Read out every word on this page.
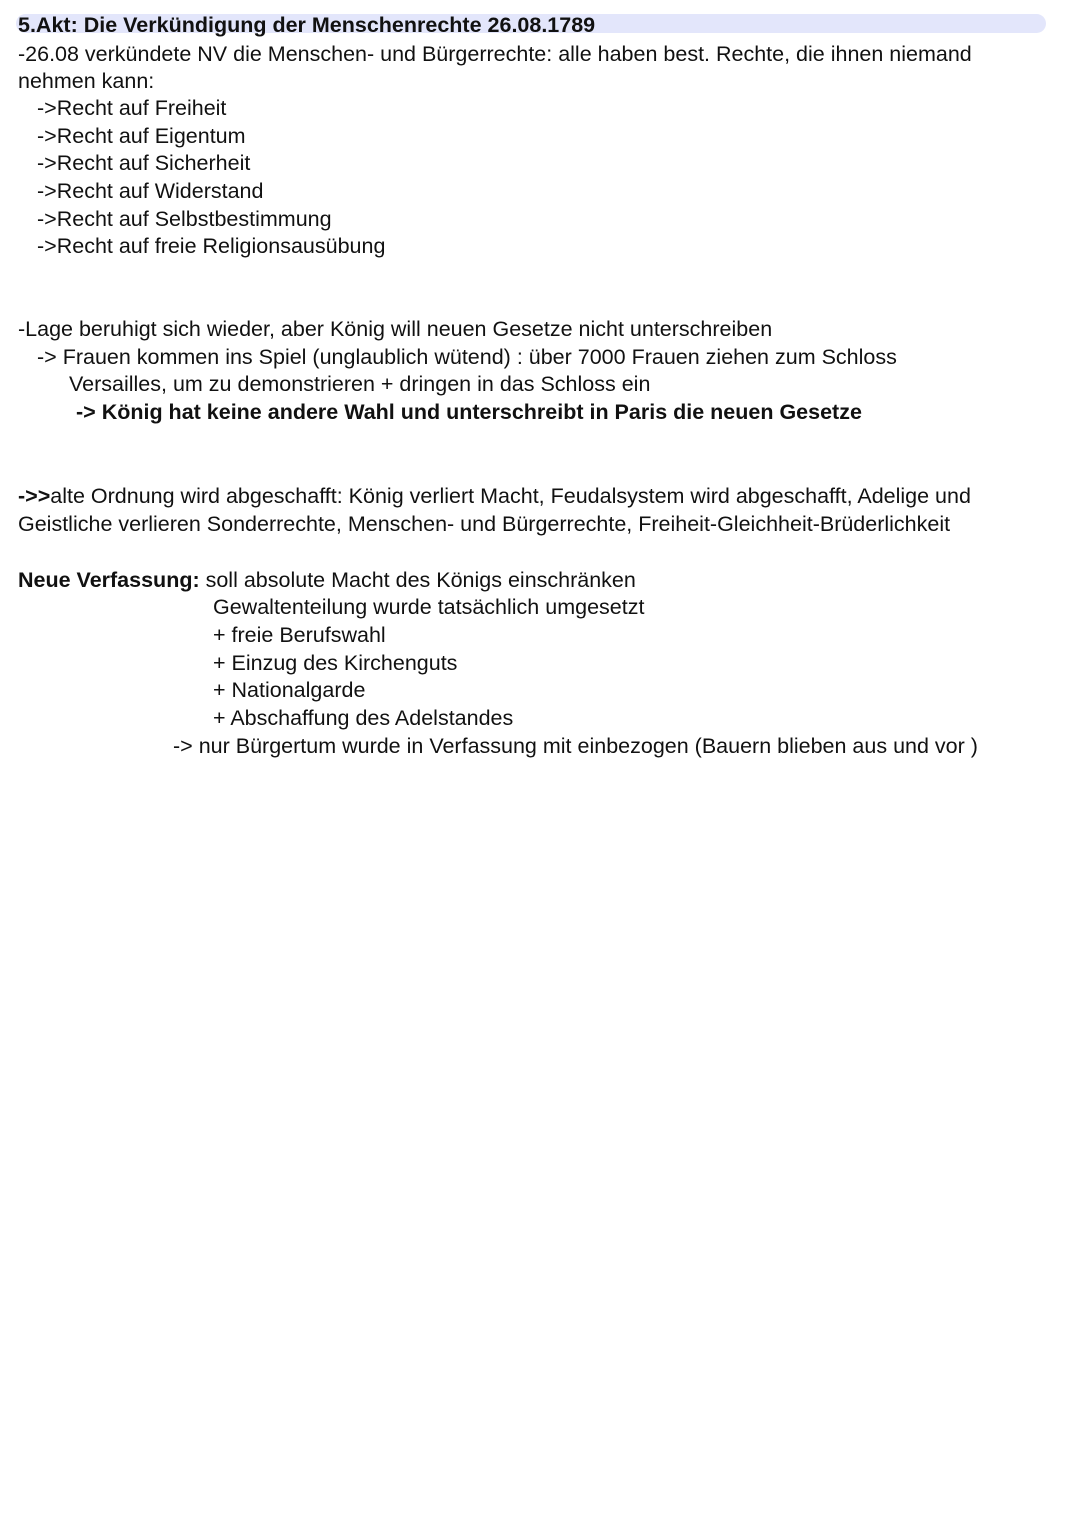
5.Akt: Die Verkündigung der Menschenrechte 26.08.1789
-26.08 verkündete NV die Menschen- und Bürgerrechte: alle haben best. Rechte, die ihnen niemand
nehmen kann:
->Recht auf Freiheit
->Recht auf Eigentum
->Recht auf Sicherheit
->Recht auf Widerstand
->Recht auf Selbstbestimmung
->Recht auf freie Religionsausübung
-Lage beruhigt sich wieder, aber König will neuen Gesetze nicht unterschreiben
-> Frauen kommen ins Spiel (unglaublich wütend) : über 7000 Frauen ziehen zum Schloss
Versailles, um zu demonstrieren + dringen in das Schloss ein
-> König hat keine andere Wahl und unterschreibt in Paris die neuen Gesetze
->>alte Ordnung wird abgeschafft: König verliert Macht, Feudalsystem wird abgeschafft, Adelige und
Geistliche verlieren Sonderrechte, Menschen- und Bürgerrechte, Freiheit-Gleichheit-Brüderlichkeit
Neue Verfassung: soll absolute Macht des Königs einschränken
Gewaltenteilung wurde tatsächlich umgesetzt
+ freie Berufswahl
+ Einzug des Kirchenguts
+ Nationalgarde
+ Abschaffung des Adelstandes
-> nur Bürgertum wurde in Verfassung mit einbezogen (Bauern blieben aus und vor )
